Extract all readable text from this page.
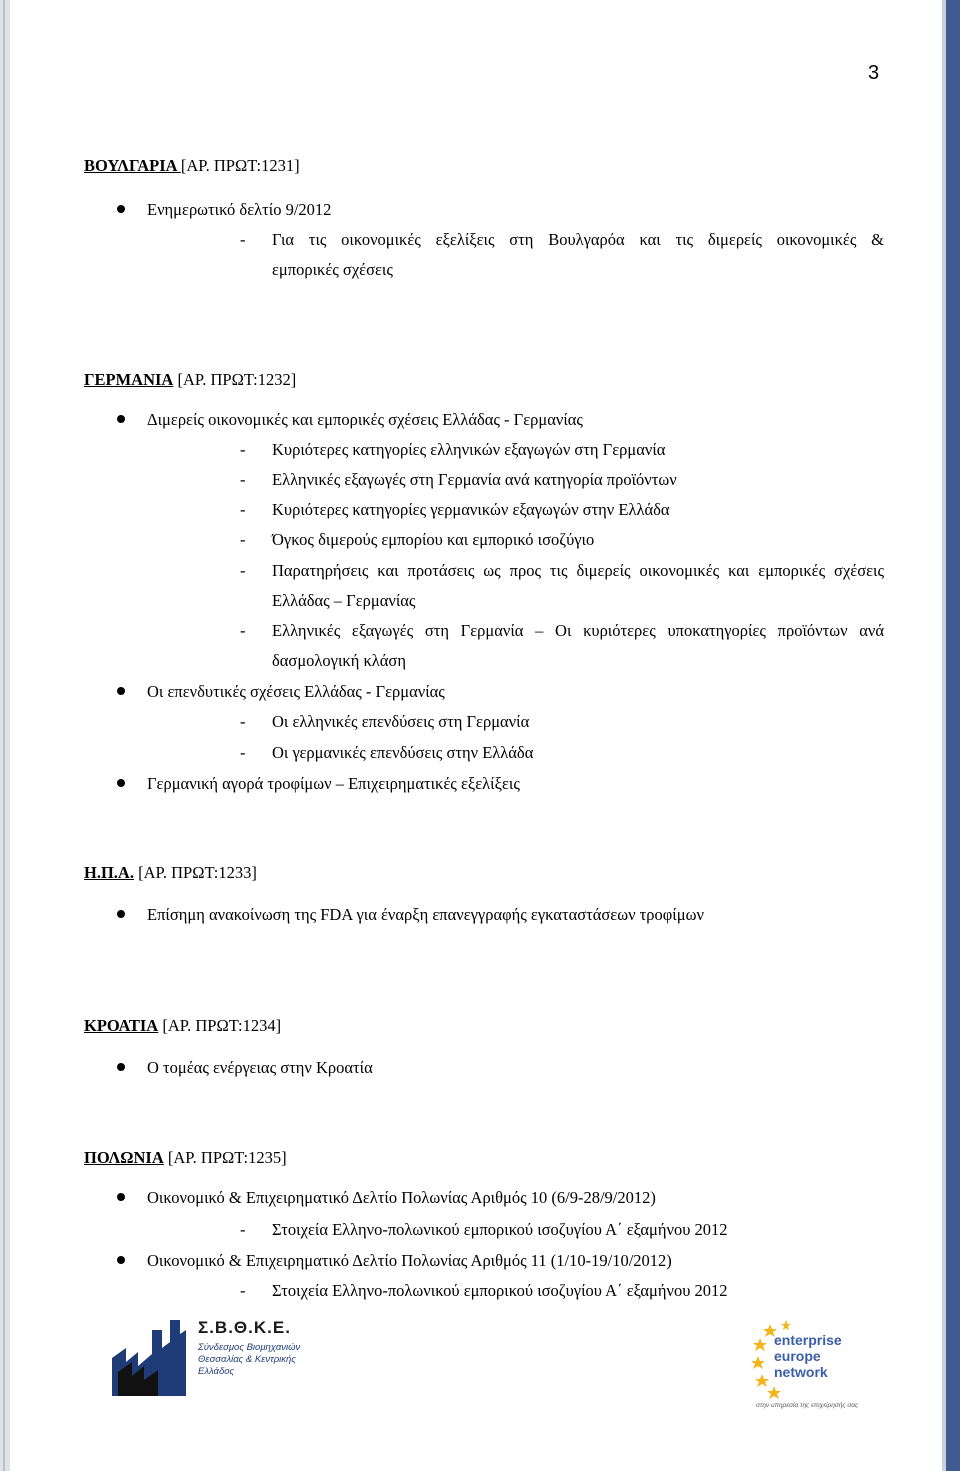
3
ΒΟΥΛΓΑΡΙΑ [ΑΡ. ΠΡΩΤ:1231]
Ενημερωτικό δελτίο 9/2012
- Για τις οικονομικές εξελίξεις στη Βουλγαρόα και τις διμερείς οικονομικές &
εμπορικές σχέσεις
ΓΕΡΜΑΝΙΑ [ΑΡ. ΠΡΩΤ:1232]
Διμερείς οικονομικές και εμπορικές σχέσεις Ελλάδας - Γερμανίας
- Κυριότερες κατηγορίες ελληνικών εξαγωγών στη Γερμανία
- Ελληνικές εξαγωγές στη Γερμανία ανά κατηγορία προϊόντων
- Κυριότερες κατηγορίες γερμανικών εξαγωγών στην Ελλάδα
- Όγκος διμερούς εμπορίου και εμπορικό ισοζύγιο
- Παρατηρήσεις και προτάσεις ως προς τις διμερείς οικονομικές και εμπορικές σχέσεις
Ελλάδας – Γερμανίας
- Ελληνικές εξαγωγές στη Γερμανία – Οι κυριότερες υποκατηγορίες προϊόντων ανά
δασμολογική κλάση
Οι επενδυτικές σχέσεις Ελλάδας - Γερμανίας
- Οι ελληνικές επενδύσεις στη Γερμανία
- Οι γερμανικές επενδύσεις στην Ελλάδα
Γερμανική αγορά τροφίμων – Επιχειρηματικές εξελίξεις
Η.Π.Α. [ΑΡ. ΠΡΩΤ:1233]
Επίσημη ανακοίνωση της FDA για έναρξη επανεγγραφής εγκαταστάσεων τροφίμων
ΚΡΟΑΤΙΑ [ΑΡ. ΠΡΩΤ:1234]
Ο τομέας ενέργειας στην Κροατία
ΠΟΛΩΝΙΑ [ΑΡ. ΠΡΩΤ:1235]
Οικονομικό & Επιχειρηματικό Δελτίο Πολωνίας Αριθμός 10 (6/9-28/9/2012)
- Στοιχεία Ελληνο-πολωνικού εμπορικού ισοζυγίου Α΄ εξαμήνου 2012
Οικονομικό & Επιχειρηματικό Δελτίο Πολωνίας Αριθμός 11 (1/10-19/10/2012)
- Στοιχεία Ελληνο-πολωνικού εμπορικού ισοζυγίου Α΄ εξαμήνου 2012
Σ.Β.Θ.Κ.Ε.
Σύνδεσμος Βιομηχανιών Θεσσαλίας & Κεντρικής Ελλάδος
enterprise
europe
network
στην υπηρεσία της επιχείρησής σας
